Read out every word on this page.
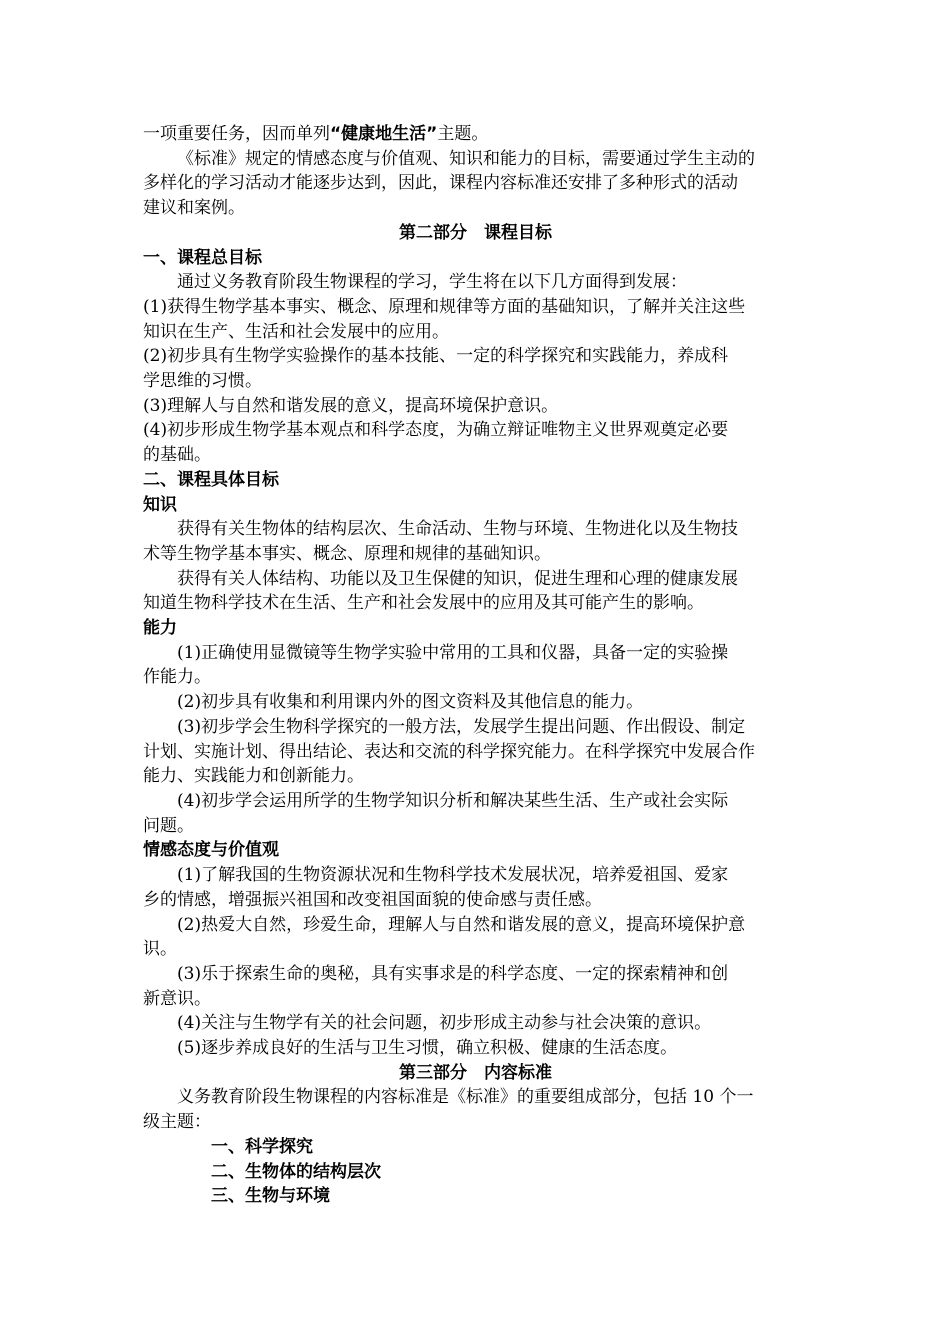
一项重要任务，因而单列“健康地生活”主题。

《标准》规定的情感态度与价值观、知识和能力的目标，需要通过学生主动的

多样化的学习活动才能逐步达到，因此，课程内容标准还安排了多种形式的活动

建议和案例。

第二部分　课程目标

一、课程总目标

通过义务教育阶段生物课程的学习，学生将在以下几方面得到发展：

(1)获得生物学基本事实、概念、原理和规律等方面的基础知识，了解并关注这些

知识在生产、生活和社会发展中的应用。

(2)初步具有生物学实验操作的基本技能、一定的科学探究和实践能力，养成科

学思维的习惯。

(3)理解人与自然和谐发展的意义，提高环境保护意识。

(4)初步形成生物学基本观点和科学态度，为确立辩证唯物主义世界观奠定必要

的基础。

二、课程具体目标

知识

获得有关生物体的结构层次、生命活动、生物与环境、生物进化以及生物技

术等生物学基本事实、概念、原理和规律的基础知识。

获得有关人体结构、功能以及卫生保健的知识，促进生理和心理的健康发展

知道生物科学技术在生活、生产和社会发展中的应用及其可能产生的影响。

能力

(1)正确使用显微镜等生物学实验中常用的工具和仪器，具备一定的实验操

作能力。

(2)初步具有收集和利用课内外的图文资料及其他信息的能力。

(3)初步学会生物科学探究的一般方法，发展学生提出问题、作出假设、制定

计划、实施计划、得出结论、表达和交流的科学探究能力。在科学探究中发展合作

能力、实践能力和创新能力。

(4)初步学会运用所学的生物学知识分析和解决某些生活、生产或社会实际

问题。

情感态度与价值观

(1)了解我国的生物资源状况和生物科学技术发展状况，培养爱祖国、爱家

乡的情感，增强振兴祖国和改变祖国面貌的使命感与责任感。

(2)热爱大自然，珍爱生命，理解人与自然和谐发展的意义，提高环境保护意

识。

(3)乐于探索生命的奥秘，具有实事求是的科学态度、一定的探索精神和创

新意识。

(4)关注与生物学有关的社会问题，初步形成主动参与社会决策的意识。

(5)逐步养成良好的生活与卫生习惯，确立积极、健康的生活态度。

第三部分　内容标准

义务教育阶段生物课程的内容标准是《标准》的重要组成部分，包括 10 个一

级主题：

一、科学探究

二、生物体的结构层次

三、生物与环境
